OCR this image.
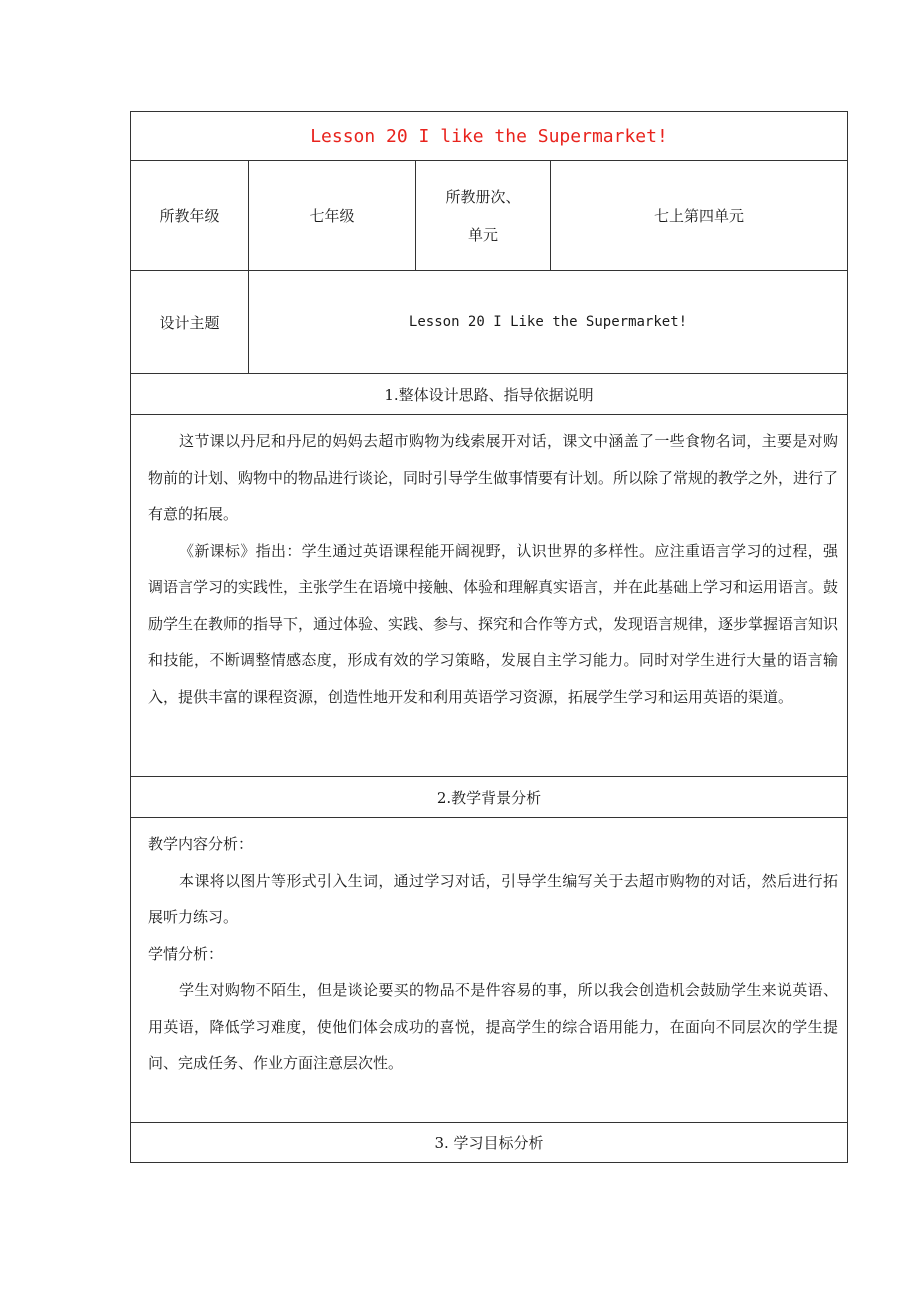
Lesson 20 I like the Supermarket!
所教年级	七年级
所教册次、
单元
七上第四单元
设计主题	Lesson 20 I Like the Supermarket!
1.整体设计思路、指导依据说明

这节课以丹尼和丹尼的妈妈去超市购物为线索展开对话，课文中涵盖了一些食物名词，主要是对购物前的计划、购物中的物品进行谈论，同时引导学生做事情要有计划。所以除了常规的教学之外，进行了有意的拓展。

《新课标》指出：学生通过英语课程能开阔视野，认识世界的多样性。应注重语言学习的过程，强调语言学习的实践性，主张学生在语境中接触、体验和理解真实语言，并在此基础上学习和运用语言。鼓励学生在教师的指导下，通过体验、实践、参与、探究和合作等方式，发现语言规律，逐步掌握语言知识和技能，不断调整情感态度，形成有效的学习策略，发展自主学习能力。同时对学生进行大量的语言输入，提供丰富的课程资源，创造性地开发和利用英语学习资源，拓展学生学习和运用英语的渠道。

2.教学背景分析

教学内容分析：

本课将以图片等形式引入生词，通过学习对话，引导学生编写关于去超市购物的对话，然后进行拓展听力练习。

学情分析：

学生对购物不陌生，但是谈论要买的物品不是件容易的事，所以我会创造机会鼓励学生来说英语、用英语，降低学习难度，使他们体会成功的喜悦，提高学生的综合语用能力，在面向不同层次的学生提问、完成任务、作业方面注意层次性。

3. 学习目标分析
